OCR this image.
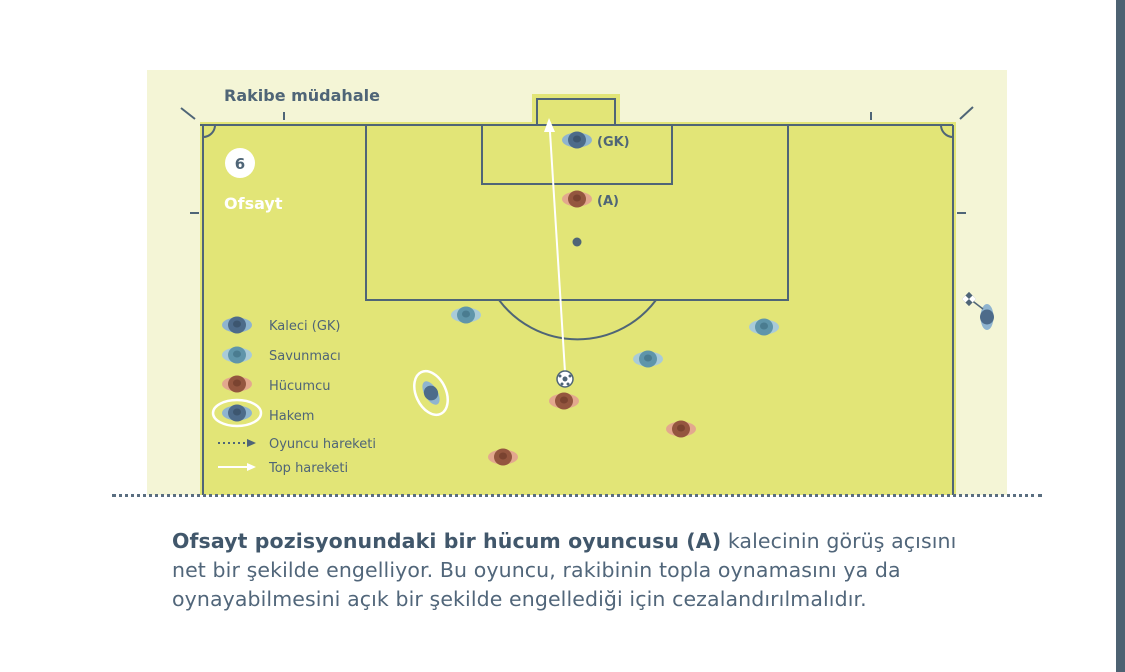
Rakibe müdahale
6
Ofsayt
(GK)
(A)
Kaleci (GK)
Savunmacı
Hücumcu
Hakem
Oyuncu hareketi
Top hareketi
Ofsayt pozisyonundaki bir hücum oyuncusu (A) kalecinin görüş açısını
net bir şekilde engelliyor. Bu oyuncu, rakibinin topla oynamasını ya da
oynayabilmesini açık bir şekilde engellediği için cezalandırılmalıdır.
